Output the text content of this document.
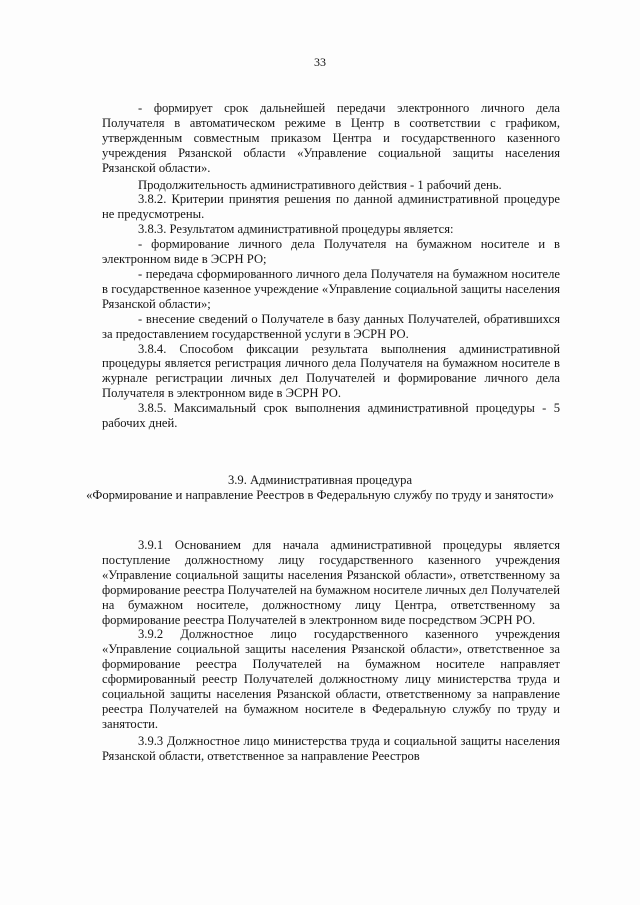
33

- формирует срок дальнейшей передачи электронного личного дела Получателя в автоматическом режиме в Центр в соответствии с графиком, утвержденным совместным приказом Центра и государственного казенного учреждения Рязанской области «Управление социальной защиты населения Рязанской области».

Продолжительность административного действия - 1 рабочий день.

3.8.2. Критерии принятия решения по данной административной процедуре не предусмотрены.

3.8.3. Результатом административной процедуры является:

- формирование личного дела Получателя на бумажном носителе и в электронном виде в ЭСРН РО;

- передача сформированного личного дела Получателя на бумажном носителе в государственное казенное учреждение «Управление социальной защиты населения Рязанской области»;

- внесение сведений о Получателе в базу данных Получателей, обратившихся за предоставлением государственной услуги в ЭСРН РО.

3.8.4. Способом фиксации результата выполнения административной процедуры является регистрация личного дела Получателя на бумажном носителе в журнале регистрации личных дел Получателей и формирование личного дела Получателя в электронном виде в ЭСРН РО.

3.8.5. Максимальный срок выполнения административной процедуры - 5 рабочих дней.

3.9. Административная процедура
«Формирование и направление Реестров в Федеральную службу по труду и занятости»

3.9.1 Основанием для начала административной процедуры является поступление должностному лицу государственного казенного учреждения «Управление социальной защиты населения Рязанской области», ответственному за формирование реестра Получателей на бумажном носителе личных дел Получателей на бумажном носителе, должностному лицу Центра, ответственному за формирование реестра Получателей в электронном виде посредством ЭСРН РО.

3.9.2 Должностное лицо государственного казенного учреждения «Управление социальной защиты населения Рязанской области», ответственное за формирование реестра Получателей на бумажном носителе направляет сформированный реестр Получателей должностному лицу министерства труда и социальной защиты населения Рязанской области, ответственному за направление реестра Получателей на бумажном носителе в Федеральную службу по труду и занятости.

3.9.3 Должностное лицо министерства труда и социальной защиты населения Рязанской области, ответственное за направление Реестров
